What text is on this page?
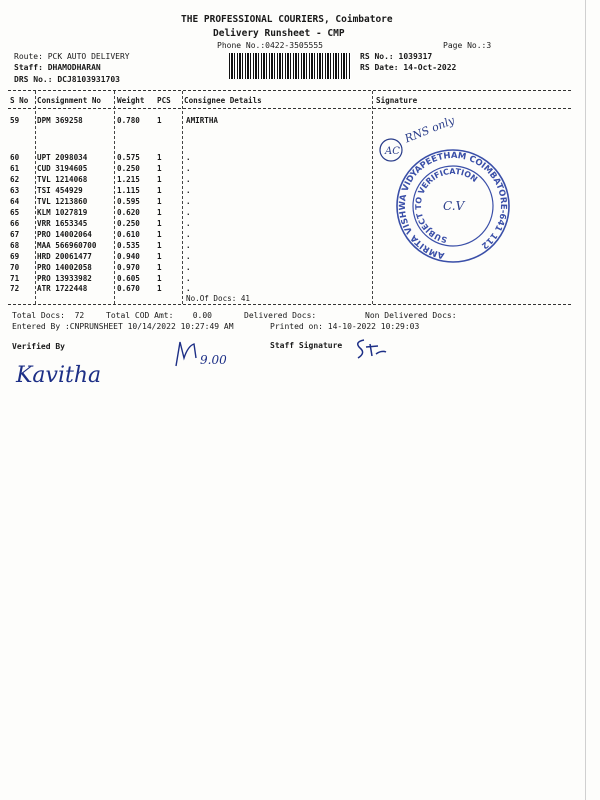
THE PROFESSIONAL COURIERS, Coimbatore
Delivery Runsheet - CMP
Phone No.:0422-3505555	Page No.:3
Route: PCK AUTO DELIVERY
Staff: DHAMODHARAN
DRS No.: DCJ8103931703
RS No.: 1039317
RS Date: 14-Oct-2022
S No Consignment No Weight PCS Consignee Details	Signature
59 DPM 369258	0.780 1	AMIRTHA
60 UPT 2098034	0.575 1	.
61 CUD 3194605	0.250 1	.
62 TVL 1214068	1.215 1	.
63 TSI 454929	1.115 1	.
64 TVL 1213860	0.595 1	.
65 KLM 1027819	0.620 1	.
66 VRR 1653345	0.250 1	.
67 PRO 14002064	0.610 1	.
68 MAA 566960700	0.535 1	.
69 HRD 20061477	0.940 1	.
70 PRO 14002058	0.970 1	.
71 PRO 13933982	0.605 1	.
72 ATR 1722448	0.670 1	.
No.Of Docs: 41
Total Docs:  72	Total COD Amt:    0.00	Delivered Docs:	Non Delivered Docs:
Entered By :CNPRUNSHEET 10/14/2022 10:27:49 AM	Printed on: 14-10-2022 10:29:03
Verified By	Staff Signature
AC
RNS only
AMRITA VISHWA VIDYAPEETHAM COIMBATORE-641 112
SUBJECT TO VERIFICATION
C.V
Kavitha
9.00
